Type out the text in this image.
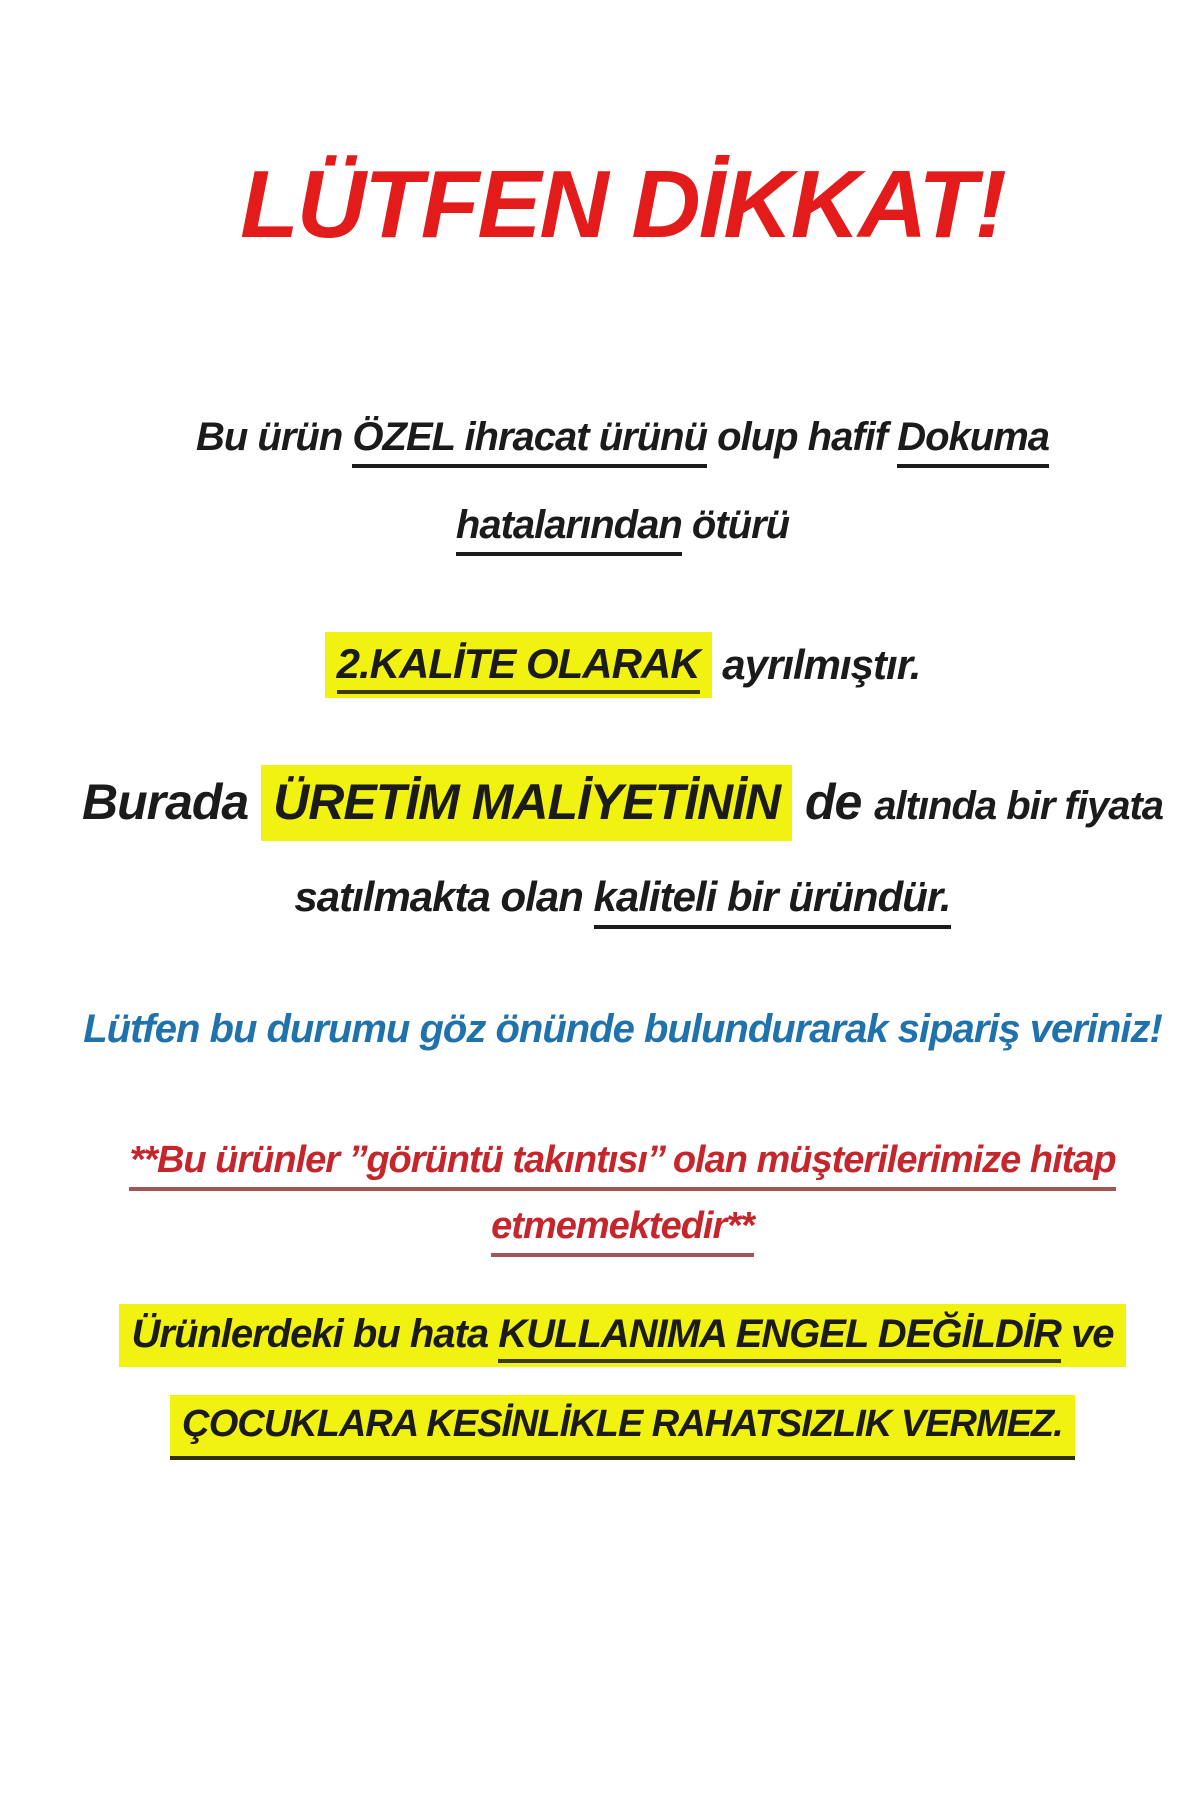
LÜTFEN DİKKAT!
Bu ürün ÖZEL ihracat ürünü olup hafif Dokuma
hatalarından ötürü
2.KALİTE OLARAK ayrılmıştır.
Burada ÜRETİM MALİYETİNİN de altında bir fiyata
satılmakta olan kaliteli bir üründür.
Lütfen bu durumu göz önünde bulundurarak sipariş veriniz!
**Bu ürünler ’’görüntü takıntısı’’ olan müşterilerimize hitap
etmemektedir**
Ürünlerdeki bu hata KULLANIMA ENGEL DEĞİLDİR ve
ÇOCUKLARA KESİNLİKLE RAHATSIZLIK VERMEZ.
